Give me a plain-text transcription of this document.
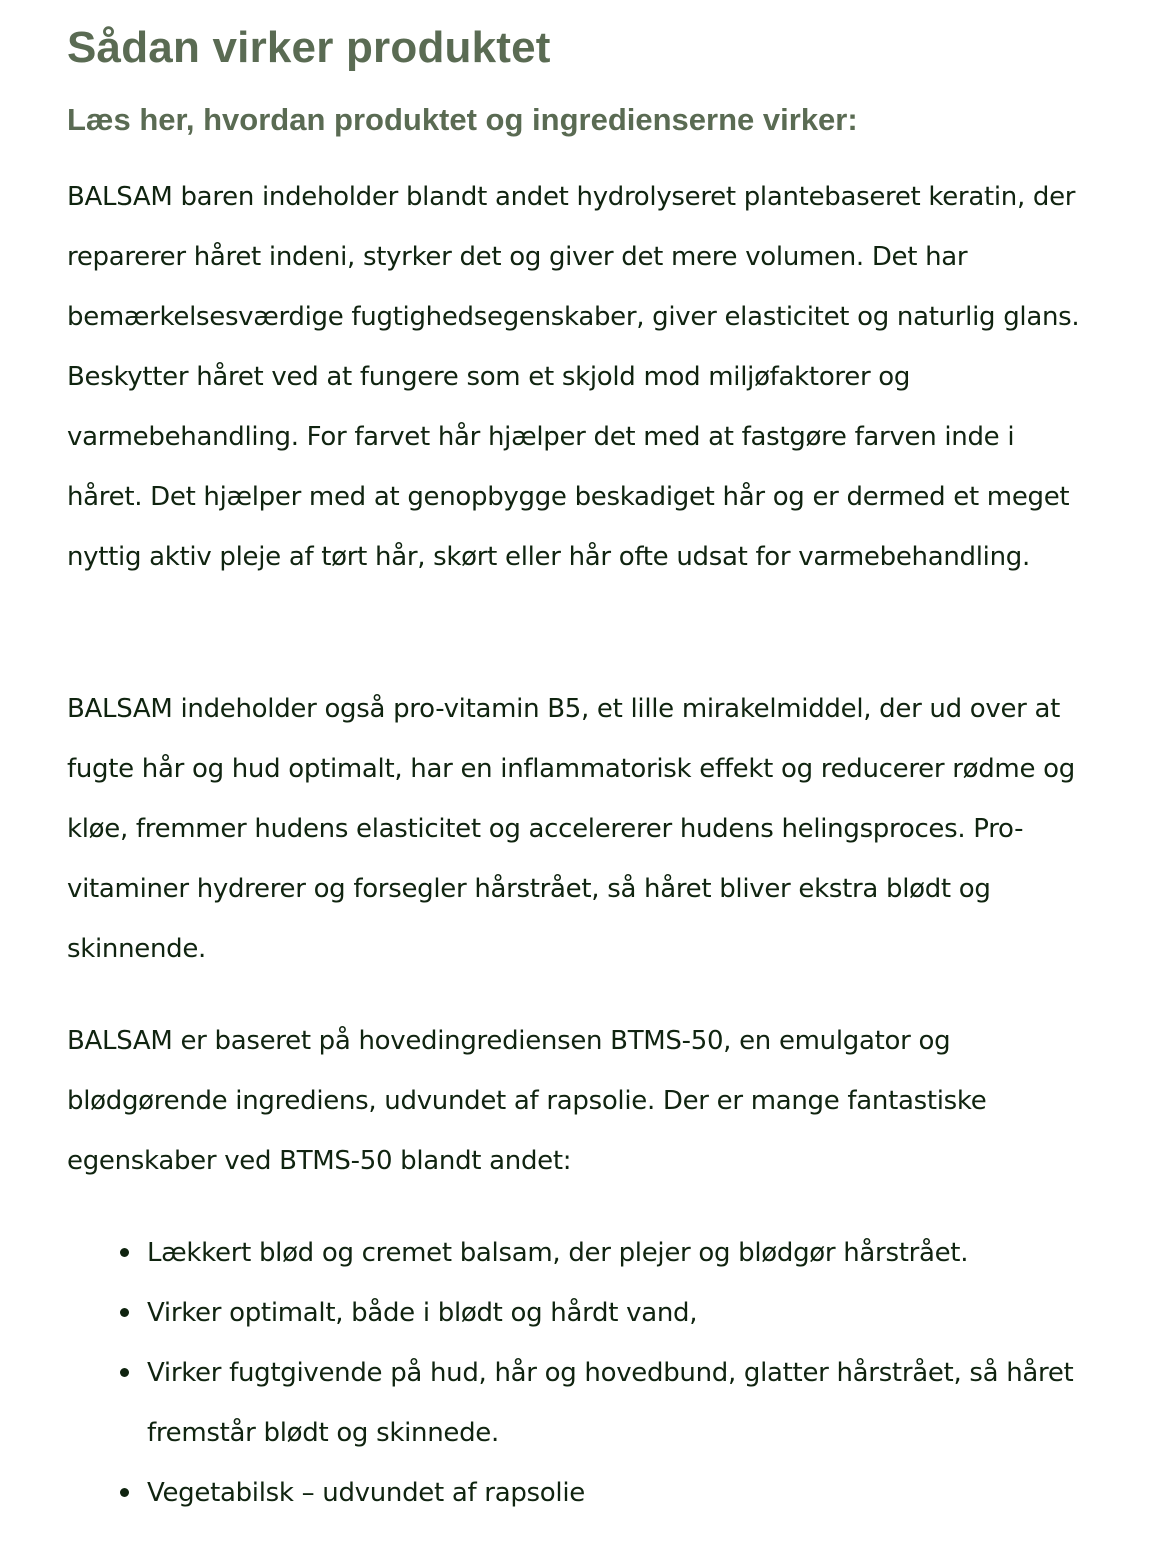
Sådan virker produktet
Læs her, hvordan produktet og ingredienserne virker:

BALSAM baren indeholder blandt andet hydrolyseret plantebaseret keratin, der reparerer håret indeni, styrker det og giver det mere volumen. Det har bemærkelsesværdige fugtighedsegenskaber, giver elasticitet og naturlig glans. Beskytter håret ved at fungere som et skjold mod miljøfaktorer og varmebehandling. For farvet hår hjælper det med at fastgøre farven inde i håret. Det hjælper med at genopbygge beskadiget hår og er dermed et meget nyttig aktiv pleje af tørt hår, skørt eller hår ofte udsat for varmebehandling.

BALSAM indeholder også pro-vitamin B5, et lille mirakelmiddel, der ud over at fugte hår og hud optimalt, har en inflammatorisk effekt og reducerer rødme og kløe, fremmer hudens elasticitet og accelererer hudens helingsproces. Pro-vitaminer hydrerer og forsegler hårstrået, så håret bliver ekstra blødt og skinnende.

BALSAM er baseret på hovedingrediensen BTMS-50, en emulgator og blødgørende ingrediens, udvundet af rapsolie. Der er mange fantastiske egenskaber ved BTMS-50 blandt andet:

Lækkert blød og cremet balsam, der plejer og blødgør hårstrået.
Virker optimalt, både i blødt og hårdt vand,
Virker fugtgivende på hud, hår og hovedbund, glatter hårstrået, så håret fremstår blødt og skinnede.
Vegetabilsk – udvundet af rapsolie
